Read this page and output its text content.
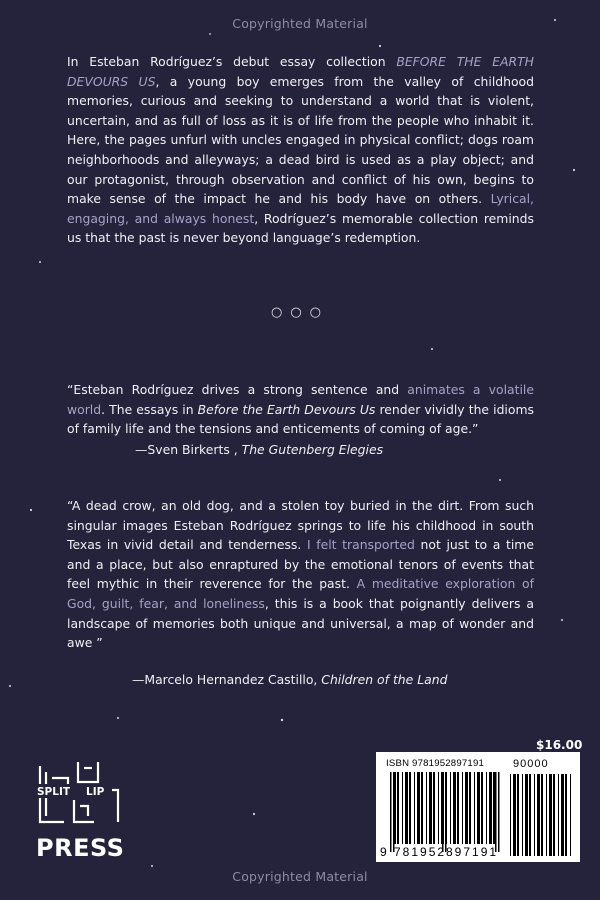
Copyrighted Material

In Esteban Rodríguez’s debut essay collection BEFORE THE EARTH DEVOURS US, a young boy emerges from the valley of childhood memories, curious and seeking to understand a world that is violent, uncertain, and as full of loss as it is of life from the people who inhabit it. Here, the pages unfurl with uncles engaged in physical conflict; dogs roam neighborhoods and alleyways; a dead bird is used as a play object; and our protagonist, through observation and conflict of his own, begins to make sense of the impact he and his body have on others. Lyrical, engaging, and always honest, Rodríguez’s memorable collection reminds us that the past is never beyond language’s redemption.

○○○

“Esteban Rodríguez drives a strong sentence and animates a volatile world. The essays in Before the Earth Devours Us render vividly the idioms of family life and the tensions and enticements of coming of age.”

—Sven Birkerts , The Gutenberg Elegies

“A dead crow, an old dog, and a stolen toy buried in the dirt. From such singular images Esteban Rodríguez springs to life his childhood in south Texas in vivid detail and tenderness. I felt transported not just to a time and a place, but also enraptured by the emotional tenors of events that feel mythic in their reverence for the past. A meditative exploration of God, guilt, fear, and loneliness, this is a book that poignantly delivers a landscape of memories both unique and universal, a map of wonder and awe ”

—Marcelo Hernandez Castillo, Children of the Land
$16.00
ISBN 9781952897191	90000
9 781952 897191
SPLIT LIP
PRESS
Copyrighted Material
